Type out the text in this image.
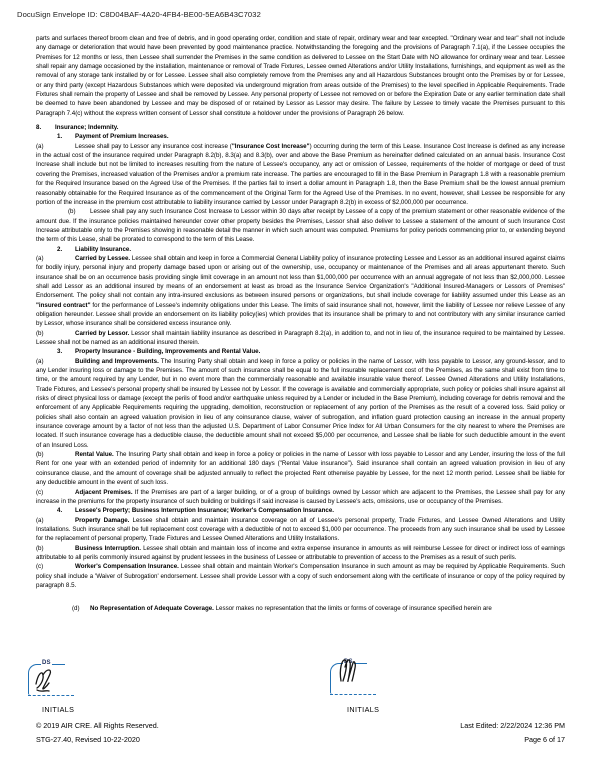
DocuSign Envelope ID: C8D04BAF-4A20-4FB4-BE00-5EA6B43C7032

parts and surfaces thereof broom clean and free of debris, and in good operating order, condition and state of repair, ordinary wear and tear excepted. "Ordinary wear and tear" shall not include any damage or deterioration that would have been prevented by good maintenance practice. Notwithstanding the foregoing and the provisions of Paragraph 7.1(a), if the Lessee occupies the Premises for 12 months or less, then Lessee shall surrender the Premises in the same condition as delivered to Lessee on the Start Date with NO allowance for ordinary wear and tear. Lessee shall repair any damage occasioned by the installation, maintenance or removal of Trade Fixtures, Lessee owned Alterations and/or Utility Installations, furnishings, and equipment as well as the removal of any storage tank installed by or for Lessee. Lessee shall also completely remove from the Premises any and all Hazardous Substances brought onto the Premises by or for Lessee, or any third party (except Hazardous Substances which were deposited via underground migration from areas outside of the Premises) to the level specified in Applicable Requirements. Trade Fixtures shall remain the property of Lessee and shall be removed by Lessee. Any personal property of Lessee not removed on or before the Expiration Date or any earlier termination date shall be deemed to have been abandoned by Lessee and may be disposed of or retained by Lessor as Lessor may desire. The failure by Lessee to timely vacate the Premises pursuant to this Paragraph 7.4(c) without the express written consent of Lessor shall constitute a holdover under the provisions of Paragraph 26 below.

8. Insurance; Indemnity.

1. Payment of Premium Increases.

(a)	Lessee shall pay to Lessor any insurance cost increase ("Insurance Cost Increase") occurring during the term of this Lease. Insurance Cost Increase is defined as any increase in the actual cost of the insurance required under Paragraph 8.2(b), 8.3(a) and 8.3(b), over and above the Base Premium as hereinafter defined calculated on an annual basis. Insurance Cost Increase shall include but not be limited to increases resulting from the nature of Lessee's occupancy, any act or omission of Lessee, requirements of the holder of mortgage or deed of trust covering the Premises, increased valuation of the Premises and/or a premium rate increase. The parties are encouraged to fill in the Base Premium in Paragraph 1.8 with a reasonable premium for the Required Insurance based on the Agreed Use of the Premises. If the parties fail to insert a dollar amount in Paragraph 1.8, then the Base Premium shall be the lowest annual premium reasonably obtainable for the Required Insurance as of the commencement of the Original Term for the Agreed Use of the Premises. In no event, however, shall Lessee be responsible for any portion of the increase in the premium cost attributable to liability insurance carried by Lessor under Paragraph 8.2(b) in excess of $2,000,000 per occurrence.

(b) Lessee shall pay any such Insurance Cost Increase to Lessor within 30 days after receipt by Lessee of a copy of the premium statement or other reasonable evidence of the amount due. If the insurance policies maintained hereunder cover other property besides the Premises, Lessor shall also deliver to Lessee a statement of the amount of such Insurance Cost Increase attributable only to the Premises showing in reasonable detail the manner in which such amount was computed. Premiums for policy periods commencing prior to, or extending beyond the term of this Lease, shall be prorated to correspond to the term of this Lease.

2. Liability Insurance.

(a)	Carried by Lessee. Lessee shall obtain and keep in force a Commercial General Liability policy of insurance protecting Lessee and Lessor as an additional insured against claims for bodily injury, personal injury and property damage based upon or arising out of the ownership, use, occupancy or maintenance of the Premises and all areas appurtenant thereto. Such insurance shall be on an occurrence basis providing single limit coverage in an amount not less than $1,000,000 per occurrence with an annual aggregate of not less than $2,000,000. Lessee shall add Lessor as an additional insured by means of an endorsement at least as broad as the Insurance Service Organization's "Additional Insured-Managers or Lessors of Premises" Endorsement. The policy shall not contain any intra-insured exclusions as between insured persons or organizations, but shall include coverage for liability assumed under this Lease as an "insured contract" for the performance of Lessee's indemnity obligations under this Lease. The limits of said insurance shall not, however, limit the liability of Lessee nor relieve Lessee of any obligation hereunder. Lessee shall provide an endorsement on its liability policy(ies) which provides that its insurance shall be primary to and not contributory with any similar insurance carried by Lessor, whose insurance shall be considered excess insurance only.

(b)	Carried by Lessor. Lessor shall maintain liability insurance as described in Paragraph 8.2(a), in addition to, and not in lieu of, the insurance required to be maintained by Lessee. Lessee shall not be named as an additional insured therein.

3. Property Insurance - Building, Improvements and Rental Value.

(a)	Building and Improvements. The Insuring Party shall obtain and keep in force a policy or policies in the name of Lessor, with loss payable to Lessor, any ground-lessor, and to any Lender insuring loss or damage to the Premises. The amount of such insurance shall be equal to the full insurable replacement cost of the Premises, as the same shall exist from time to time, or the amount required by any Lender, but in no event more than the commercially reasonable and available insurable value thereof. Lessee Owned Alterations and Utility Installations, Trade Fixtures, and Lessee's personal property shall be insured by Lessee not by Lessor. If the coverage is available and commercially appropriate, such policy or policies shall insure against all risks of direct physical loss or damage (except the perils of flood and/or earthquake unless required by a Lender or included in the Base Premium), including coverage for debris removal and the enforcement of any Applicable Requirements requiring the upgrading, demolition, reconstruction or replacement of any portion of the Premises as the result of a covered loss. Said policy or policies shall also contain an agreed valuation provision in lieu of any coinsurance clause, waiver of subrogation, and inflation guard protection causing an increase in the annual property insurance coverage amount by a factor of not less than the adjusted U.S. Department of Labor Consumer Price Index for All Urban Consumers for the city nearest to where the Premises are located. If such insurance coverage has a deductible clause, the deductible amount shall not exceed $5,000 per occurrence, and Lessee shall be liable for such deductible amount in the event of an Insured Loss.

(b)	Rental Value. The Insuring Party shall obtain and keep in force a policy or policies in the name of Lessor with loss payable to Lessor and any Lender, insuring the loss of the full Rent for one year with an extended period of indemnity for an additional 180 days ("Rental Value insurance"). Said insurance shall contain an agreed valuation provision in lieu of any coinsurance clause, and the amount of coverage shall be adjusted annually to reflect the projected Rent otherwise payable by Lessee, for the next 12 month period. Lessee shall be liable for any deductible amount in the event of such loss.

(c)	Adjacent Premises. If the Premises are part of a larger building, or of a group of buildings owned by Lessor which are adjacent to the Premises, the Lessee shall pay for any increase in the premiums for the property insurance of such building or buildings if said increase is caused by Lessee's acts, omissions, use or occupancy of the Premises.

4. Lessee's Property; Business Interruption Insurance; Worker's Compensation Insurance.

(a)	Property Damage. Lessee shall obtain and maintain insurance coverage on all of Lessee's personal property, Trade Fixtures, and Lessee Owned Alterations and Utility Installations. Such insurance shall be full replacement cost coverage with a deductible of not to exceed $1,000 per occurrence. The proceeds from any such insurance shall be used by Lessee for the replacement of personal property, Trade Fixtures and Lessee Owned Alterations and Utility Installations.

(b)	Business Interruption. Lessee shall obtain and maintain loss of income and extra expense insurance in amounts as will reimburse Lessee for direct or indirect loss of earnings attributable to all perils commonly insured against by prudent lessees in the business of Lessee or attributable to prevention of access to the Premises as a result of such perils.

(c)	Worker's Compensation Insurance. Lessee shall obtain and maintain Worker's Compensation Insurance in such amount as may be required by Applicable Requirements. Such policy shall include a 'Waiver of Subrogation' endorsement. Lessee shall provide Lessor with a copy of such endorsement along with the certificate of insurance or copy of the policy required by paragraph 8.5.

(d) No Representation of Adequate Coverage. Lessor makes no representation that the limits or forms of coverage of insurance specified herein are

DS	DS
INITIALS	INITIALS
© 2019 AIR CRE. All Rights Reserved.
STG-27.40, Revised 10-22-2020
Last Edited: 2/22/2024 12:36 PM
Page 6 of 17
